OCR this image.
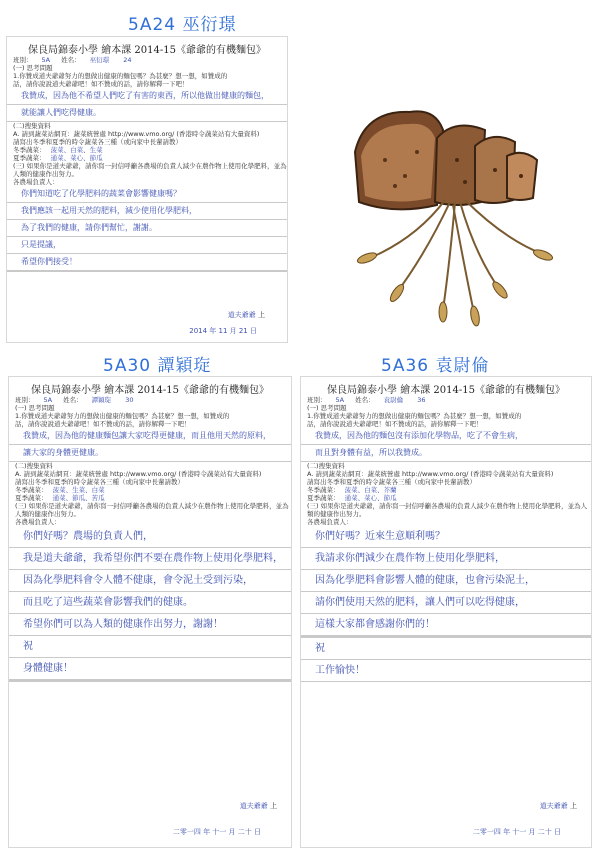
5A24 巫衍璟
5A30 譚穎琁	5A36 袁尉倫
保良局錦泰小學 繪本課 2014-15《爺爺的有機麵包》
班別： 5A 姓名： 巫衍璟 24
(一) 思考問題
1.你贊成道夫爺爺努力的想做出健康的麵包嗎？為甚麼？想一想，如贊成的
話，請你說說道夫爺爺吧！如不贊成的話，請你解釋一下吧！
我贊成，因為他不希望人們吃了有害的東西，所以他做出健康的麵包，
就能讓人們吃得健康。
(二)搜集資料
A. 請到蔬菜站網頁：蔬菜統營處 http://www.vmo.org/ (香港時令蔬菜站有大量資料)
請寫出冬季和夏季的時令蔬菜各三種（或向家中長輩請教）
冬季蔬菜： 菠菜、白菜、生菜
夏季蔬菜： 通菜、菜心、節瓜
(三) 如果你是道夫爺爺，請你寫一封信呼籲各農場的負責人減少在農作物上使用化學肥料，並為人類的健康作出努力。
各農場負責人：
你們知道吃了化學肥料的蔬菜會影響健康嗎？
我們應該一起用天然的肥料，減少使用化學肥料，
為了我們的健康，請你們幫忙，謝謝。
只是提議，
希望你們接受！
道夫爺爺 上
2014 年 11 月 21 日
保良局錦泰小學 繪本課 2014-15《爺爺的有機麵包》
班別： 5A 姓名： 譚穎琁 30
(一) 思考問題
1.你贊成道夫爺爺努力的想做出健康的麵包嗎？為甚麼？想一想，如贊成的
話，請你說說道夫爺爺吧！如不贊成的話，請你解釋一下吧！
我贊成，因為他的健康麵包讓大家吃得更健康，而且他用天然的原料，
讓大家的身體更健康。
(二)搜集資料
A. 請到蔬菜站網頁：蔬菜統營處 http://www.vmo.org/ (香港時令蔬菜站有大量資料)
請寫出冬季和夏季的時令蔬菜各三種（或向家中長輩請教）
冬季蔬菜： 菠菜、生菜、白菜
夏季蔬菜： 通菜、節瓜、苦瓜
(三) 如果你是道夫爺爺，請你寫一封信呼籲各農場的負責人減少在農作物上使用化學肥料，並為人類的健康作出努力。
各農場負責人：
你們好嗎？農場的負責人們，
我是道夫爺爺，我希望你們不要在農作物上使用化學肥料，
因為化學肥料會令人體不健康，會令泥土受到污染，
而且吃了這些蔬菜會影響我們的健康。
希望你們可以為人類的健康作出努力，謝謝！
祝
身體健康！
道夫爺爺 上
二零一四 年 十一 月 二十 日
保良局錦泰小學 繪本課 2014-15《爺爺的有機麵包》
班別： 5A 姓名： 袁尉倫 36
(一) 思考問題
1.你贊成道夫爺爺努力的想做出健康的麵包嗎？為甚麼？想一想，如贊成的
話，請你說說道夫爺爺吧！如不贊成的話，請你解釋一下吧！
我贊成，因為他的麵包沒有添加化學物品，吃了不會生病，
而且對身體有益，所以我贊成。
(二)搜集資料
A. 請到蔬菜站網頁：蔬菜統營處 http://www.vmo.org/ (香港時令蔬菜站有大量資料)
請寫出冬季和夏季的時令蔬菜各三種（或向家中長輩請教）
冬季蔬菜： 菠菜、白菜、芥蘭
夏季蔬菜： 通菜、菜心、節瓜
(三) 如果你是道夫爺爺，請你寫一封信呼籲各農場的負責人減少在農作物上使用化學肥料，並為人類的健康作出努力。
各農場負責人：
你們好嗎？近來生意順利嗎？
我請求你們減少在農作物上使用化學肥料，
因為化學肥料會影響人體的健康，也會污染泥土，
請你們使用天然的肥料，讓人們可以吃得健康，
這樣大家都會感謝你們的！
祝
工作愉快！
道夫爺爺 上
二零一四 年 十一 月 二十 日
